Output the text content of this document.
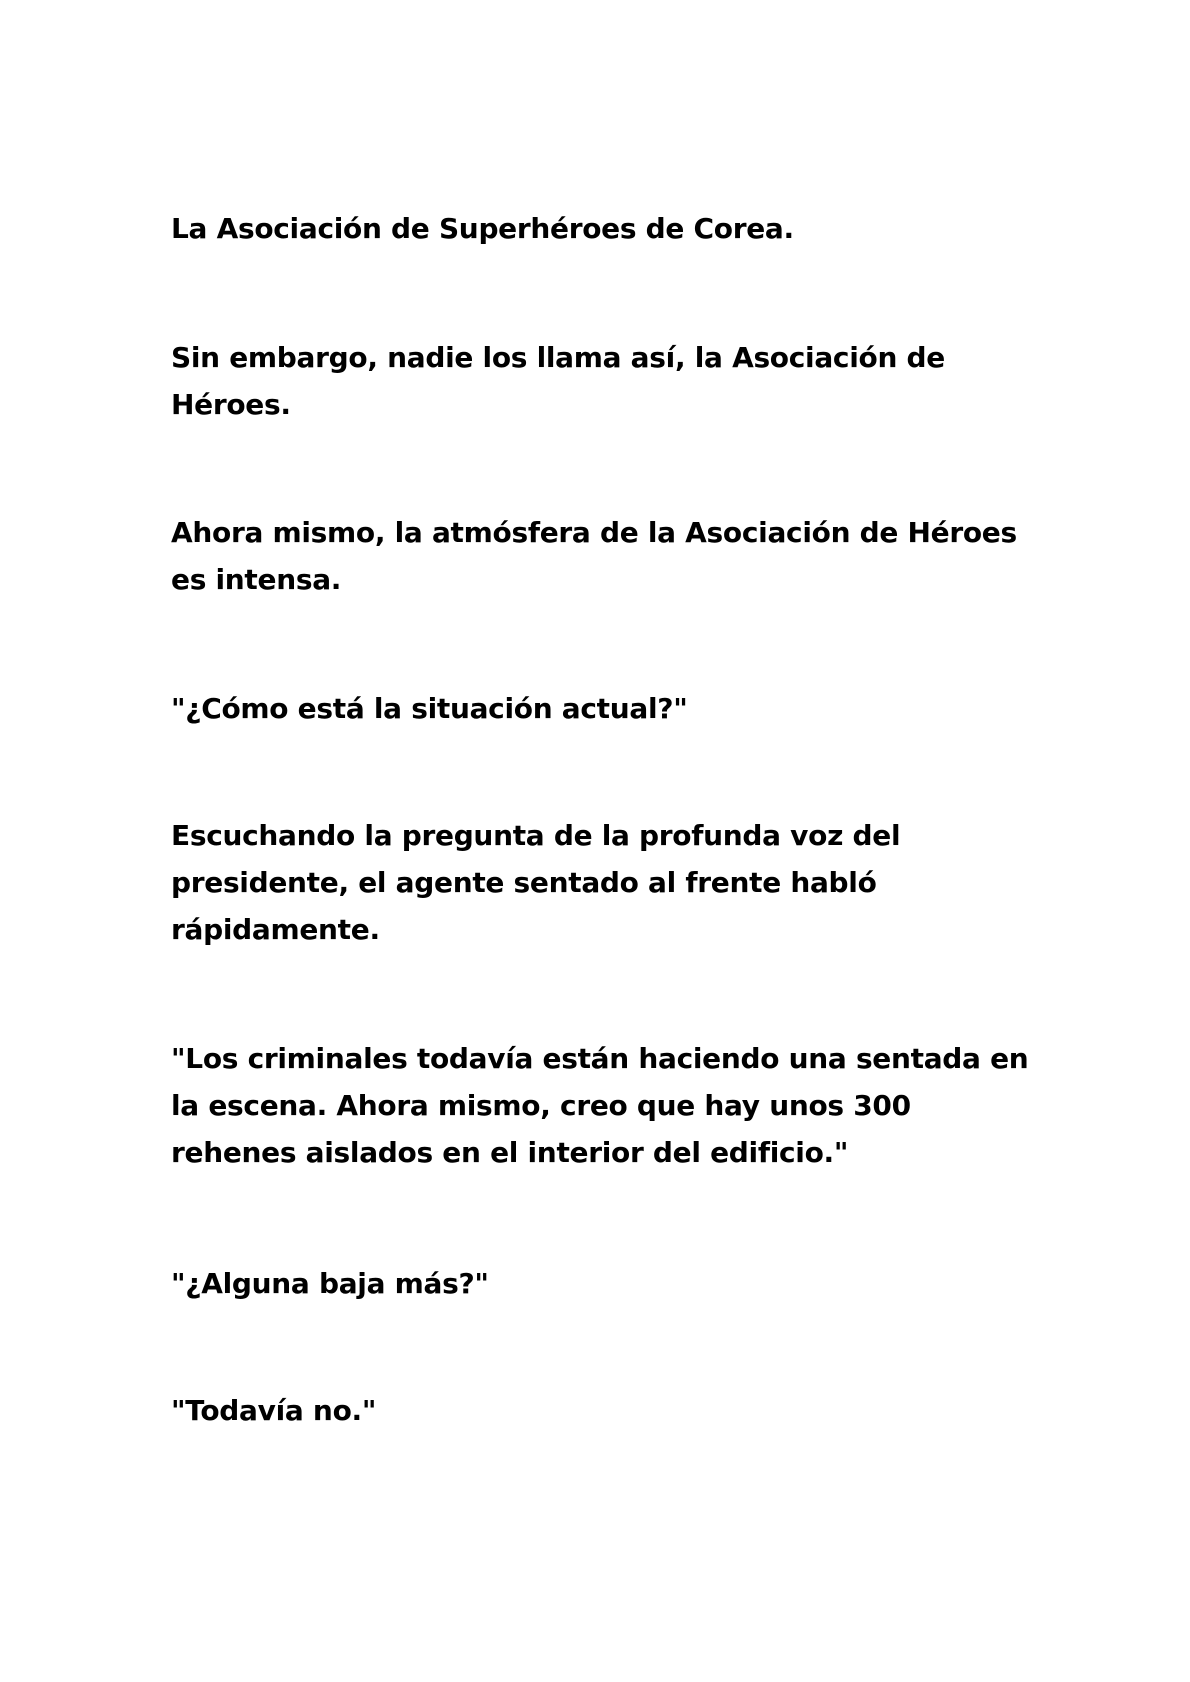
La Asociación de Superhéroes de Corea.

Sin embargo, nadie los llama así, la Asociación de Héroes.

Ahora mismo, la atmósfera de la Asociación de Héroes es intensa.

"¿Cómo está la situación actual?"

Escuchando la pregunta de la profunda voz del presidente, el agente sentado al frente habló rápidamente.

"Los criminales todavía están haciendo una sentada en la escena. Ahora mismo, creo que hay unos 300 rehenes aislados en el interior del edificio."

"¿Alguna baja más?"

"Todavía no."
